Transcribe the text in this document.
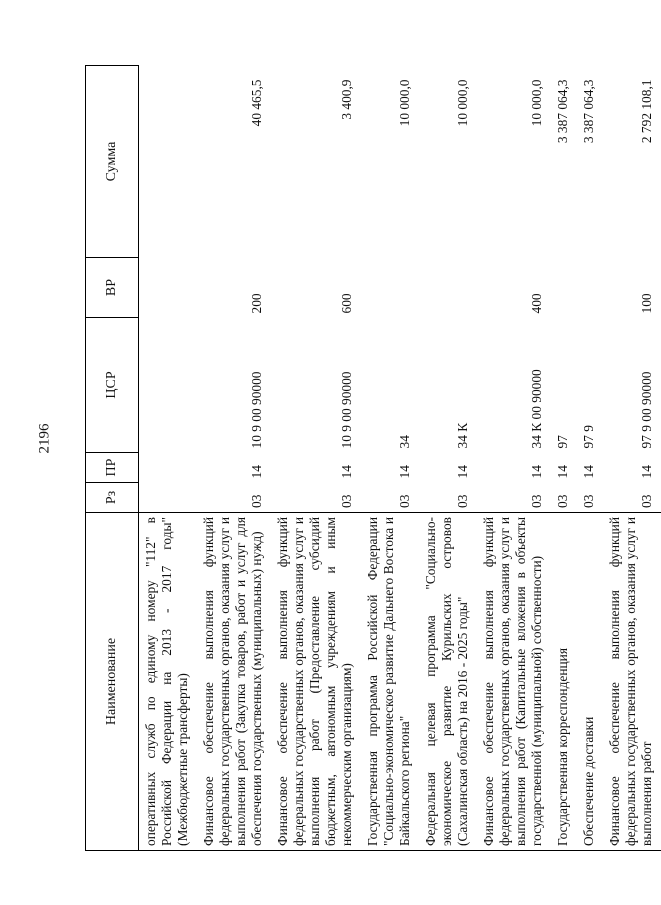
2196
Наименование	Рз	ПР	ЦСР	ВР	Сумма
оперативных служб по единому номеру "112" в Российской Федерации на 2013 - 2017 годы" (Межбюджетные трансферты)					
Финансовое обеспечение выполнения функций федеральных государственных органов, оказания услуг и выполнения работ (Закупка товаров, работ и услуг для обеспечения государственных (муниципальных) нужд)	03	14	10 9 00 90000	200	40 465,5
Финансовое обеспечение выполнения функций федеральных государственных органов, оказания услуг и выполнения работ (Предоставление субсидий бюджетным, автономным учреждениям и иным некоммерческим организациям)	03	14	10 9 00 90000	600	3 400,9
Государственная программа Российской Федерации "Социально-экономическое развитие Дальнего Востока и Байкальского региона"	03	14	34		10 000,0
Федеральная целевая программа "Социально-экономическое развитие Курильских островов (Сахалинская область) на 2016 - 2025 годы"	03	14	34 К		10 000,0
Финансовое обеспечение выполнения функций федеральных государственных органов, оказания услуг и выполнения работ (Капитальные вложения в объекты государственной (муниципальной) собственности)	03	14	34 К 00 90000	400	10 000,0
Государственная корреспонденция	03	14	97		3 387 064,3
Обеспечение доставки	03	14	97 9		3 387 064,3
Финансовое обеспечение выполнения функций федеральных государственных органов, оказания услуг и выполнения работ	03	14	97 9 00 90000	100	2 792 108,1
